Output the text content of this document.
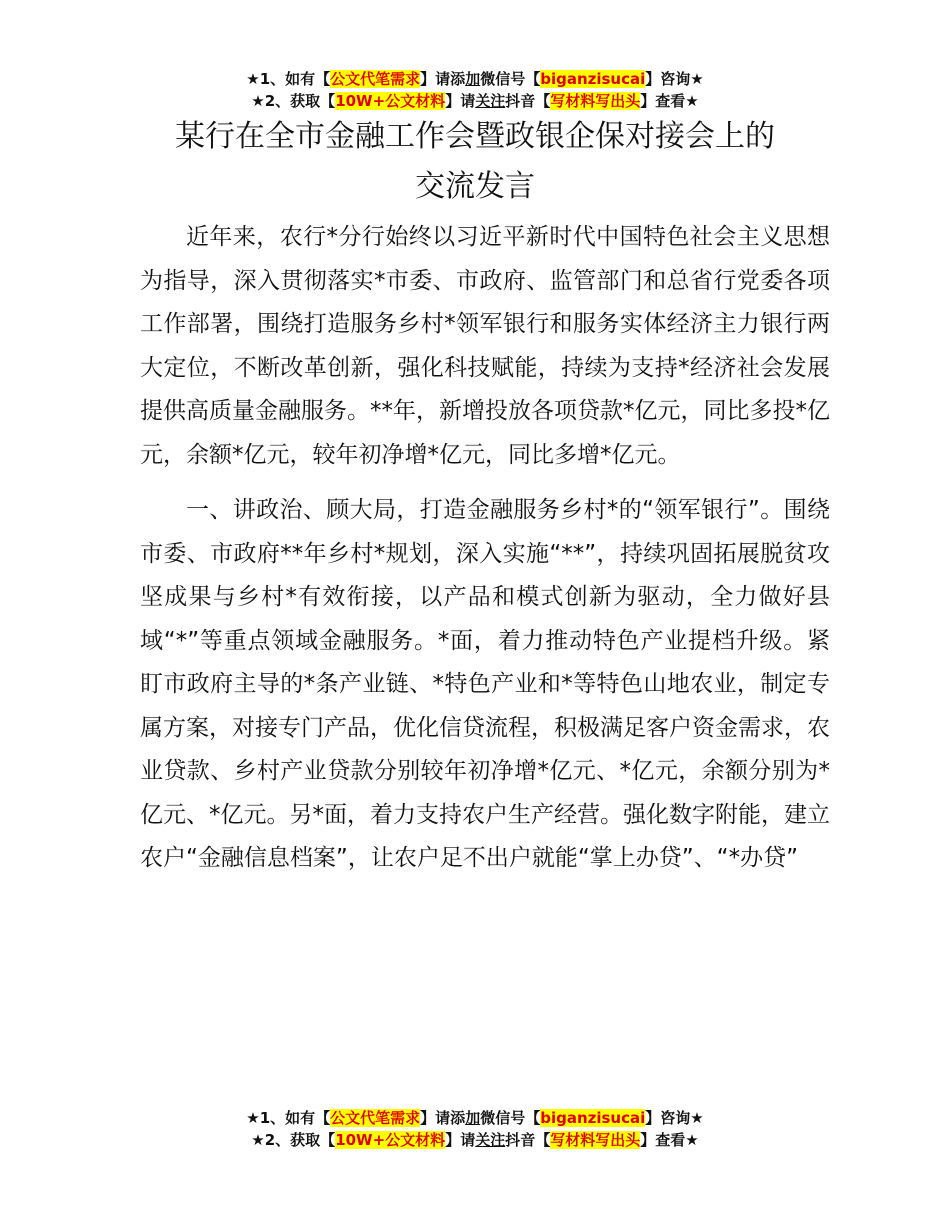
★1、如有【公文代笔需求】请添加微信号【biganzisucai】咨询★
★2、获取【10W+公文材料】请关注抖音【写材料写出头】查看★
某行在全市金融工作会暨政银企保对接会上的
交流发言

近年来，农行*分行始终以习近平新时代中国特色社会主义思想为指导，深入贯彻落实*市委、市政府、监管部门和总省行党委各项工作部署，围绕打造服务乡村*领军银行和服务实体经济主力银行两大定位，不断改革创新，强化科技赋能，持续为支持*经济社会发展提供高质量金融服务。**年，新增投放各项贷款*亿元，同比多投*亿元，余额*亿元，较年初净增*亿元，同比多增*亿元。

一、讲政治、顾大局，打造金融服务乡村*的“领军银行”。围绕市委、市政府**年乡村*规划，深入实施“**”，持续巩固拓展脱贫攻坚成果与乡村*有效衔接，以产品和模式创新为驱动，全力做好县域“*”等重点领域金融服务。*面，着力推动特色产业提档升级。紧盯市政府主导的*条产业链、*特色产业和*等特色山地农业，制定专属方案，对接专门产品，优化信贷流程，积极满足客户资金需求，农业贷款、乡村产业贷款分别较年初净增*亿元、*亿元，余额分别为*亿元、*亿元。另*面，着力支持农户生产经营。强化数字附能，建立农户“金融信息档案”，让农户足不出户就能“掌上办贷”、“*办贷”

★1、如有【公文代笔需求】请添加微信号【biganzisucai】咨询★
★2、获取【10W+公文材料】请关注抖音【写材料写出头】查看★
